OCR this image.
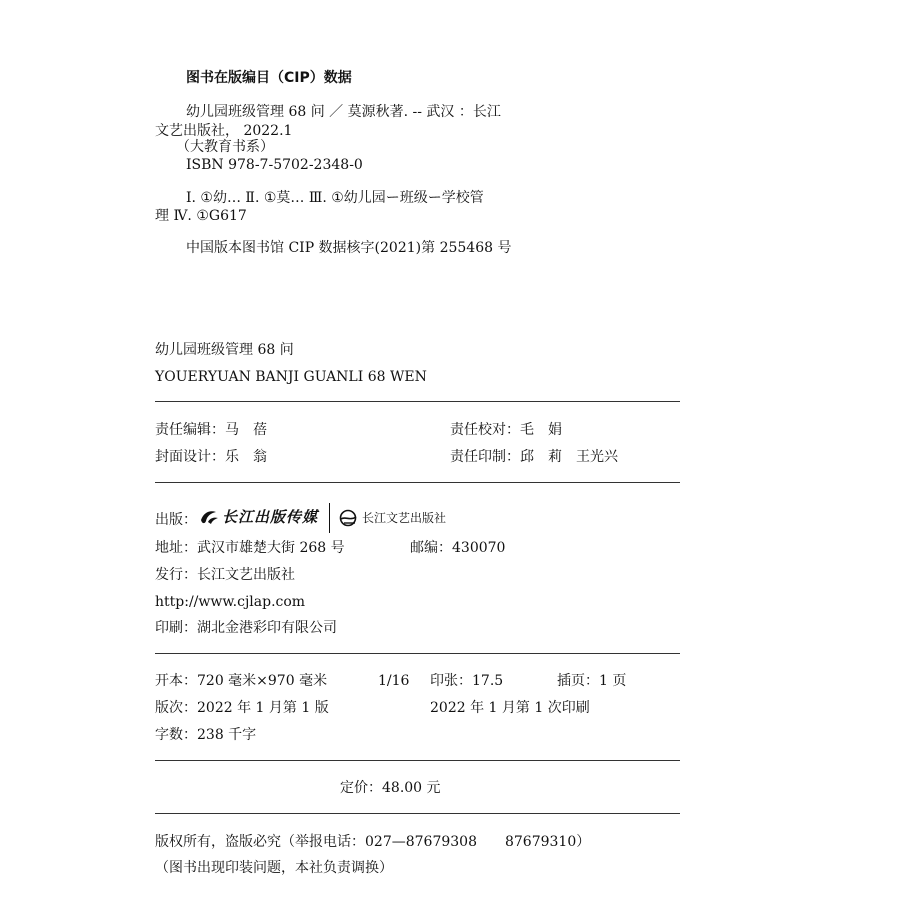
图书在版编目（CIP）数据
幼儿园班级管理 68 问 ／ 莫源秋著. -- 武汉 ：长江
文艺出版社， 2022.1
（大教育书系）
ISBN 978-7-5702-2348-0
Ⅰ. ①幼… Ⅱ. ①莫… Ⅲ. ①幼儿园ー班级ー学校管
理 Ⅳ. ①G617
中国版本图书馆 CIP 数据核字(2021)第 255468 号
幼儿园班级管理 68 问
YOUERYUAN BANJI GUANLI 68 WEN
责任编辑：马　蓓	责任校对：毛　娟
封面设计：乐　翁	责任印制：邱　莉　王光兴
出版： 长江出版传媒	长江文艺出版社
地址：武汉市雄楚大街 268 号	邮编：430070
发行：长江文艺出版社
http://www.cjlap.com
印刷：湖北金港彩印有限公司
开本：720 毫米×970 毫米	1/16 印张：17.5	插页：1 页
版次：2022 年 1 月第 1 版	2022 年 1 月第 1 次印刷
字数：238 千字
定价：48.00 元
版权所有，盗版必究（举报电话：027—87679308　　87679310）
（图书出现印装问题，本社负责调换）
